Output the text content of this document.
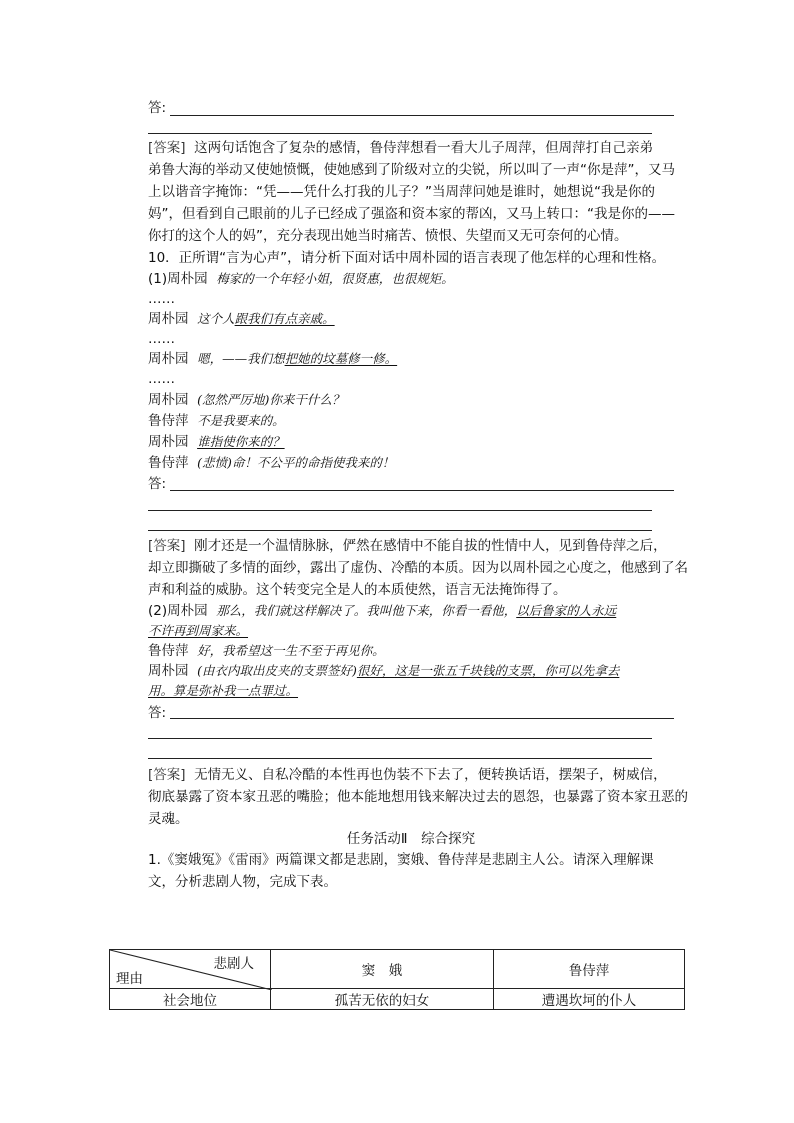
答:
[答案] 这两句话饱含了复杂的感情，鲁侍萍想看一看大儿子周萍，但周萍打自己亲弟
弟鲁大海的举动又使她愤慨，使她感到了阶级对立的尖锐，所以叫了一声“你是萍”，又马
上以谐音字掩饰：“凭——凭什么打我的儿子？”当周萍问她是谁时，她想说“我是你的
妈”，但看到自己眼前的儿子已经成了强盗和资本家的帮凶，又马上转口：“我是你的——
你打的这个人的妈”，充分表现出她当时痛苦、愤恨、失望而又无可奈何的心情。
10．正所谓“言为心声”，请分析下面对话中周朴园的语言表现了他怎样的心理和性格。
(1)周朴园 梅家的一个年轻小姐，很贤惠，也很规矩。
……
周朴园 这个人跟我们有点亲戚。
……
周朴园 嗯，——我们想把她的坟墓修一修。
……
周朴园 (忽然严厉地)你来干什么？
鲁侍萍 不是我要来的。
周朴园 谁指使你来的？
鲁侍萍 (悲愤)命！不公平的命指使我来的！
答:
[答案] 刚才还是一个温情脉脉，俨然在感情中不能自拔的性情中人，见到鲁侍萍之后，
却立即撕破了多情的面纱，露出了虚伪、冷酷的本质。因为以周朴园之心度之，他感到了名
声和利益的威胁。这个转变完全是人的本质使然，语言无法掩饰得了。
(2)周朴园 那么，我们就这样解决了。我叫他下来，你看一看他，以后鲁家的人永远
不许再到周家来。
鲁侍萍 好，我希望这一生不至于再见你。
周朴园 (由衣内取出皮夹的支票签好)很好，这是一张五千块钱的支票，你可以先拿去
用。算是弥补我一点罪过。
答:
[答案] 无情无义、自私冷酷的本性再也伪装不下去了，便转换话语，摆架子，树威信，
彻底暴露了资本家丑恶的嘴脸；他本能地想用钱来解决过去的恩怨，也暴露了资本家丑恶的
灵魂。
任务活动Ⅱ　综合探究
1.《窦娥冤》《雷雨》两篇课文都是悲剧，窦娥、鲁侍萍是悲剧主人公。请深入理解课
文，分析悲剧人物，完成下表。
悲剧人
理由	窦　娥	鲁侍萍
社会地位	孤苦无依的妇女	遭遇坎坷的仆人
